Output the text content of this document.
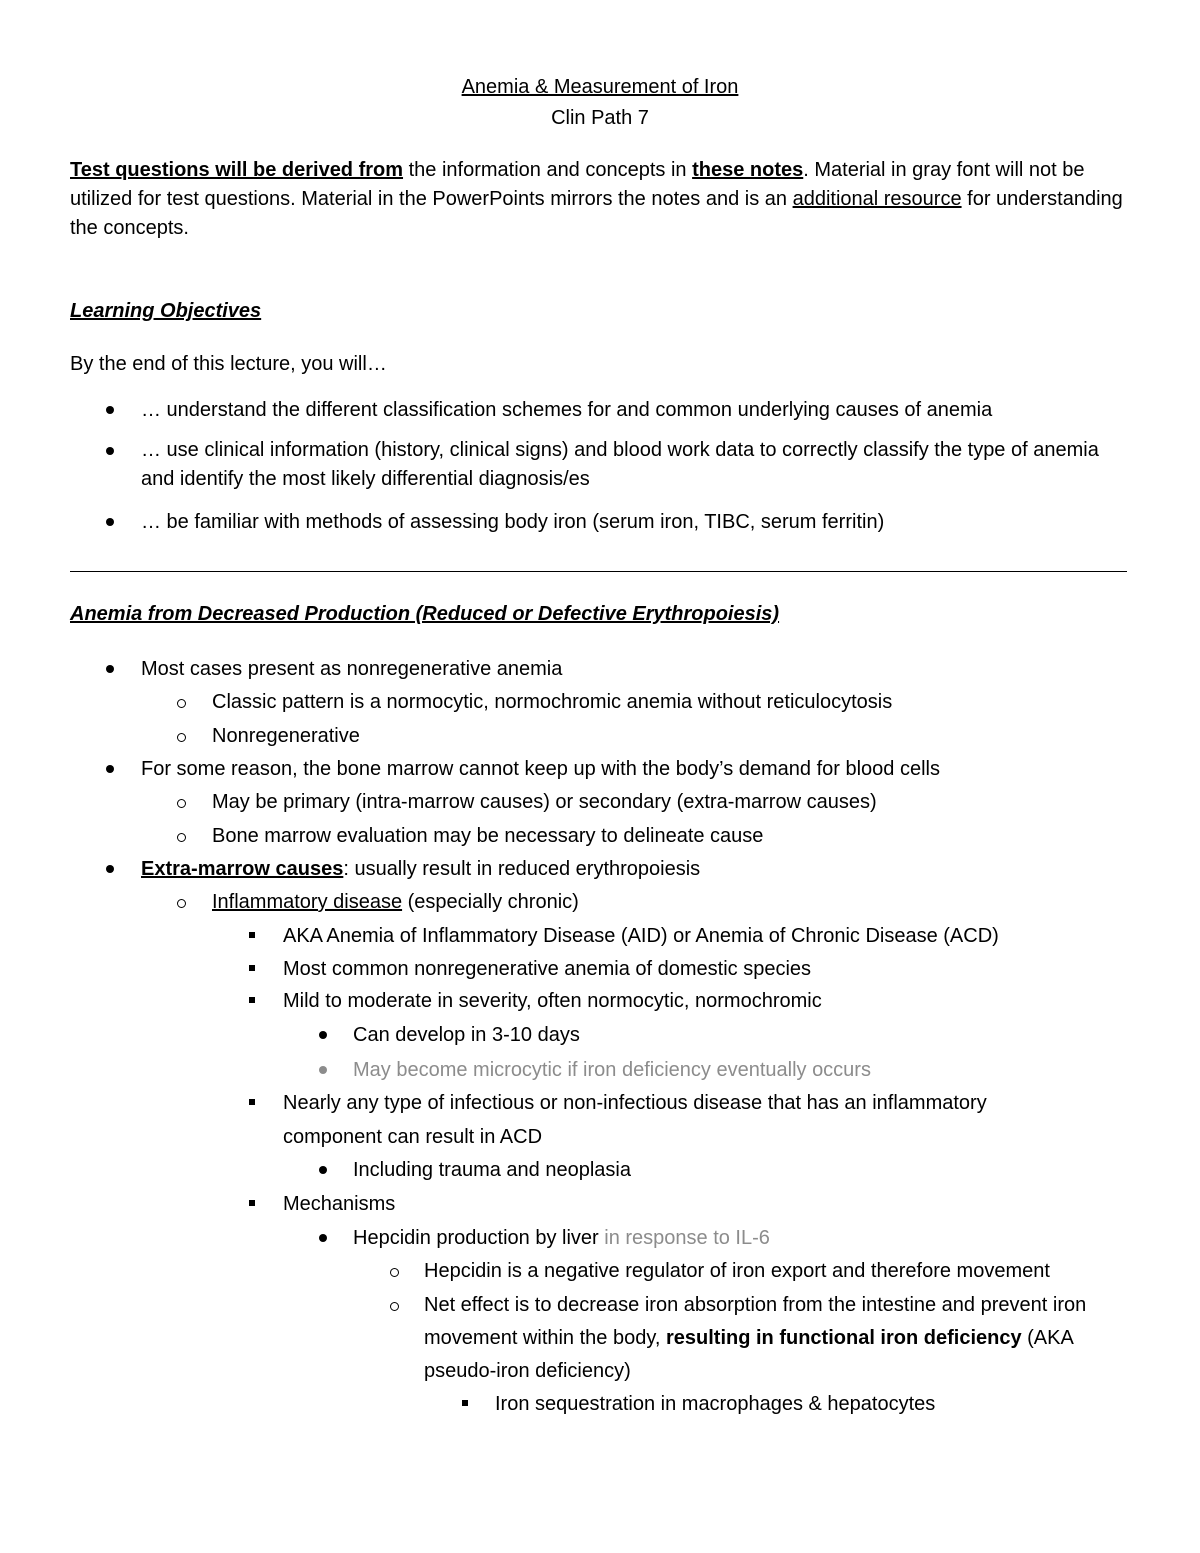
Anemia & Measurement of Iron
Clin Path 7
Test questions will be derived from the information and concepts in these notes. Material in gray font will not be utilized for test questions. Material in the PowerPoints mirrors the notes and is an additional resource for understanding the concepts.
Learning Objectives
By the end of this lecture, you will…
… understand the different classification schemes for and common underlying causes of anemia
… use clinical information (history, clinical signs) and blood work data to correctly classify the type of anemia and identify the most likely differential diagnosis/es
… be familiar with methods of assessing body iron (serum iron, TIBC, serum ferritin)
Anemia from Decreased Production (Reduced or Defective Erythropoiesis)
Most cases present as nonregenerative anemia
Classic pattern is a normocytic, normochromic anemia without reticulocytosis
Nonregenerative
For some reason, the bone marrow cannot keep up with the body’s demand for blood cells
May be primary (intra-marrow causes) or secondary (extra-marrow causes)
Bone marrow evaluation may be necessary to delineate cause
Extra-marrow causes: usually result in reduced erythropoiesis
Inflammatory disease (especially chronic)
AKA Anemia of Inflammatory Disease (AID) or Anemia of Chronic Disease (ACD)
Most common nonregenerative anemia of domestic species
Mild to moderate in severity, often normocytic, normochromic
Can develop in 3-10 days
May become microcytic if iron deficiency eventually occurs
Nearly any type of infectious or non-infectious disease that has an inflammatory component can result in ACD
Including trauma and neoplasia
Mechanisms
Hepcidin production by liver in response to IL-6
Hepcidin is a negative regulator of iron export and therefore movement
Net effect is to decrease iron absorption from the intestine and prevent iron movement within the body, resulting in functional iron deficiency (AKA pseudo-iron deficiency)
Iron sequestration in macrophages & hepatocytes
